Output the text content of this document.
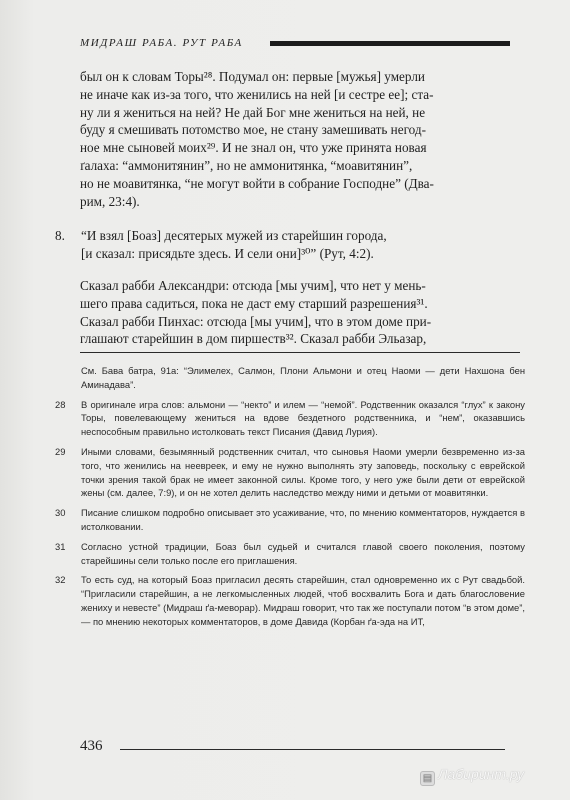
МИДРАШ РАБА. РУТ РАБА

был он к словам Торы²⁸. Подумал он: первые [мужья] умерли

не иначе как из-за того, что женились на ней [и сестре ее]; ста-

ну ли я жениться на ней? Не дай Бог мне жениться на ней, не

буду я смешивать потомство мое, не стану замешивать негод-

ное мне сыновей моих²⁹. И не знал он, что уже принята новая

ґалаха: “аммонитянин”, но не аммонитянка, “моавитянин”,

но не моавитянка, “не могут войти в собрание Господне” (Два-

рим, 23:4).

8.	“И взял [Боаз] десятерых мужей из старейшин города,
[и сказал: присядьте здесь. И сели они]³⁰” (Рут, 4:2).

Сказал рабби Александри: отсюда [мы учим], что нет у мень-

шего права садиться, пока не даст ему старший разрешения³¹.

Сказал рабби Пинхас: отсюда [мы учим], что в этом доме при-

глашают старейшин в дом пиршеств³². Сказал рабби Эльазар,

См. Бава батра, 91а: “Элимелех, Салмон, Плони Альмони и отец Наоми — дети Нахшона бен Аминадава”.
28	В оригинале игра слов: альмони — “некто” и илем — “немой”. Родственник оказался “глух” к закону Торы, повелевающему жениться на вдове бездетного родственника, и “нем”, оказавшись неспособным правильно истолковать текст Писания (Давид Лурия).
29	Иными словами, безымянный родственник считал, что сыновья Наоми умерли безвременно из-за того, что женились на неевреек, и ему не нужно выполнять эту заповедь, поскольку с еврейской точки зрения такой брак не имеет законной силы. Кроме того, у него уже были дети от еврейской жены (см. далее, 7:9), и он не хотел делить наследство между ними и детьми от моавитянки.
30	Писание слишком подробно описывает это усаживание, что, по мнению комментаторов, нуждается в истолковании.
31	Согласно устной традиции, Боаз был судьей и считался главой своего поколения, поэтому старейшины сели только после его приглашения.
32	То есть суд, на который Боаз пригласил десять старейшин, стал одновременно их с Рут свадьбой. “Пригласили старейшин, а не легкомысленных людей, чтоб восхвалить Бога и дать благословение жениху и невесте” (Мидраш ґа-меворар). Мидраш говорит, что так же поступали потом “в этом доме”, — по мнению некоторых комментаторов, в доме Давида (Корбан ґа-эда на ИТ,
436
▤ Лабиринт.ру
